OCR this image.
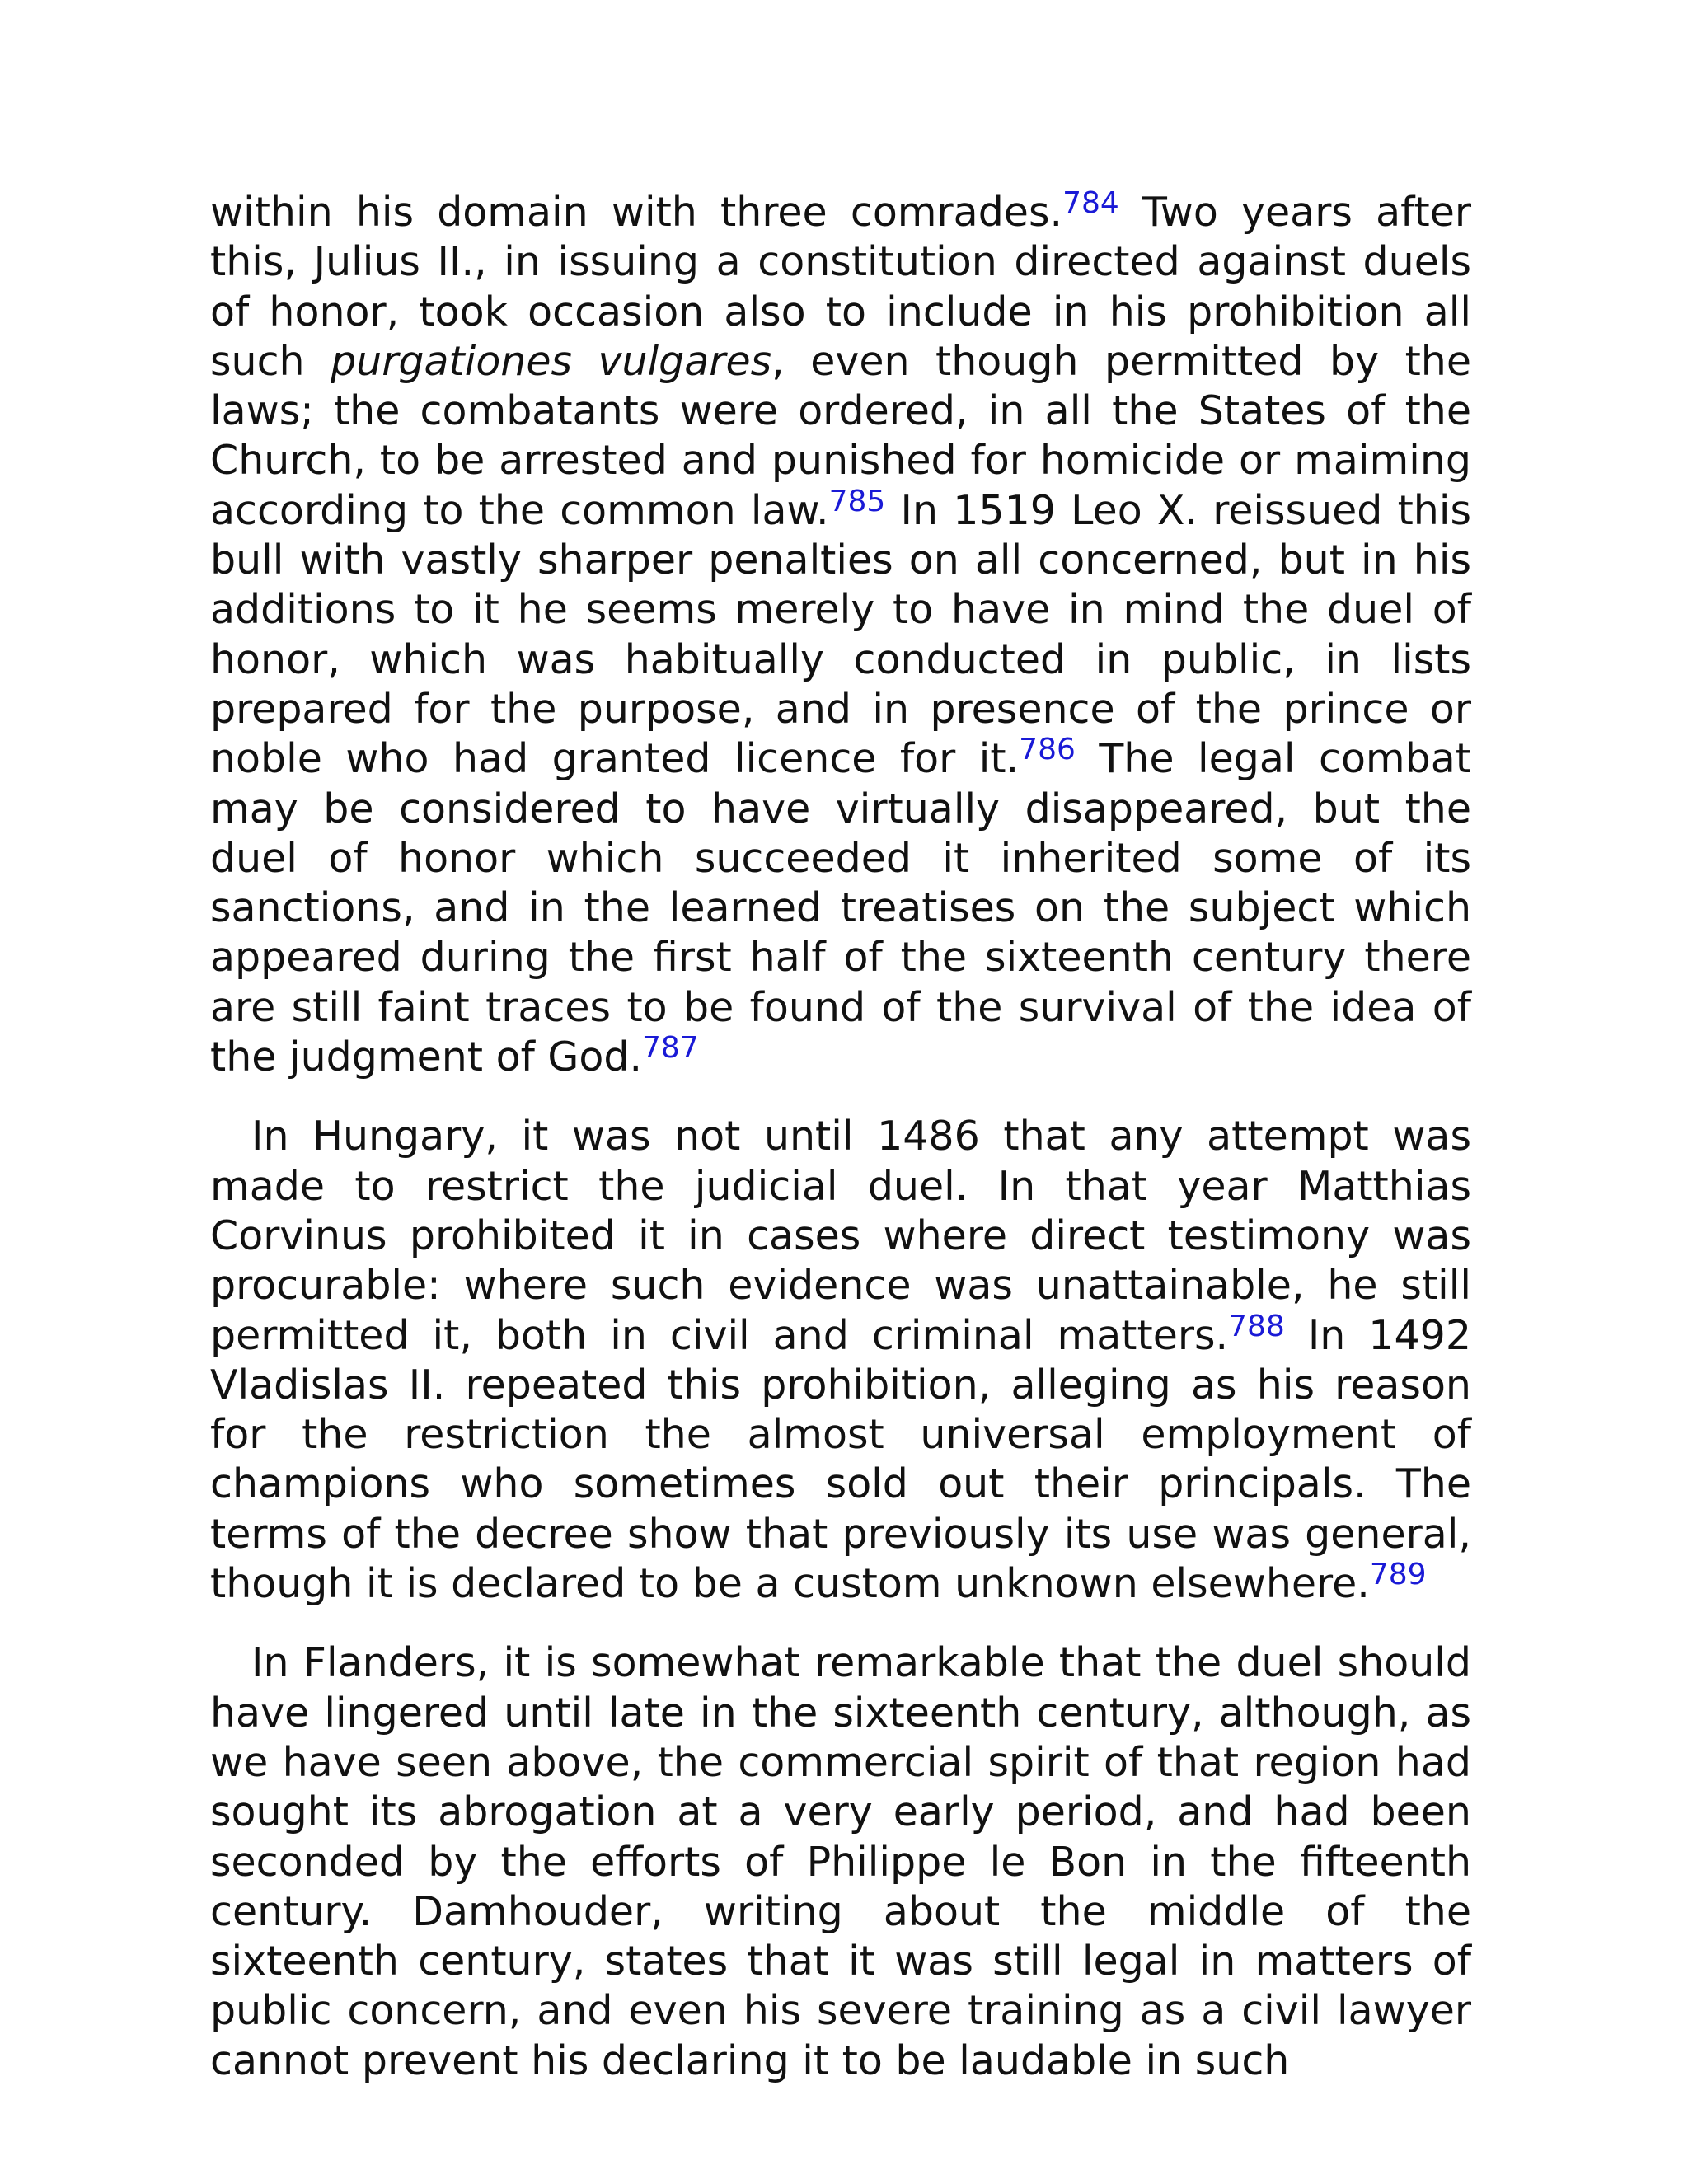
within his domain with three comrades.$^{784}$ Two years after this, Julius II., in issuing a constitution directed against duels of honor, took occasion also to include in his prohibition all such purgationes vulgares, even though permitted by the laws; the combatants were ordered, in all the States of the Church, to be arrested and punished for homicide or maiming according to the common law.$^{785}$ In 1519 Leo X. reissued this bull with vastly sharper penalties on all concerned, but in his additions to it he seems merely to have in mind the duel of honor, which was habitually conducted in public, in lists prepared for the purpose, and in presence of the prince or noble who had granted licence for it.$^{786}$ The legal combat may be considered to have virtually disappeared, but the duel of honor which succeeded it inherited some of its sanctions, and in the learned treatises on the subject which appeared during the first half of the sixteenth century there are still faint traces to be found of the survival of the idea of the judgment of God.$^{787}$

In Hungary, it was not until 1486 that any attempt was made to restrict the judicial duel. In that year Matthias Corvinus prohibited it in cases where direct testimony was procurable: where such evidence was unattainable, he still permitted it, both in civil and criminal matters.$^{788}$ In 1492 Vladislas II. repeated this prohibition, alleging as his reason for the restriction the almost universal employment of champions who sometimes sold out their principals. The terms of the decree show that previously its use was general, though it is declared to be a custom unknown elsewhere.$^{789}$

In Flanders, it is somewhat remarkable that the duel should have lingered until late in the sixteenth century, although, as we have seen above, the commercial spirit of that region had sought its abrogation at a very early period, and had been seconded by the efforts of Philippe le Bon in the fifteenth century. Damhouder, writing about the middle of the sixteenth century, states that it was still legal in matters of public concern, and even his severe training as a civil lawyer cannot prevent his declaring it to be laudable in such
